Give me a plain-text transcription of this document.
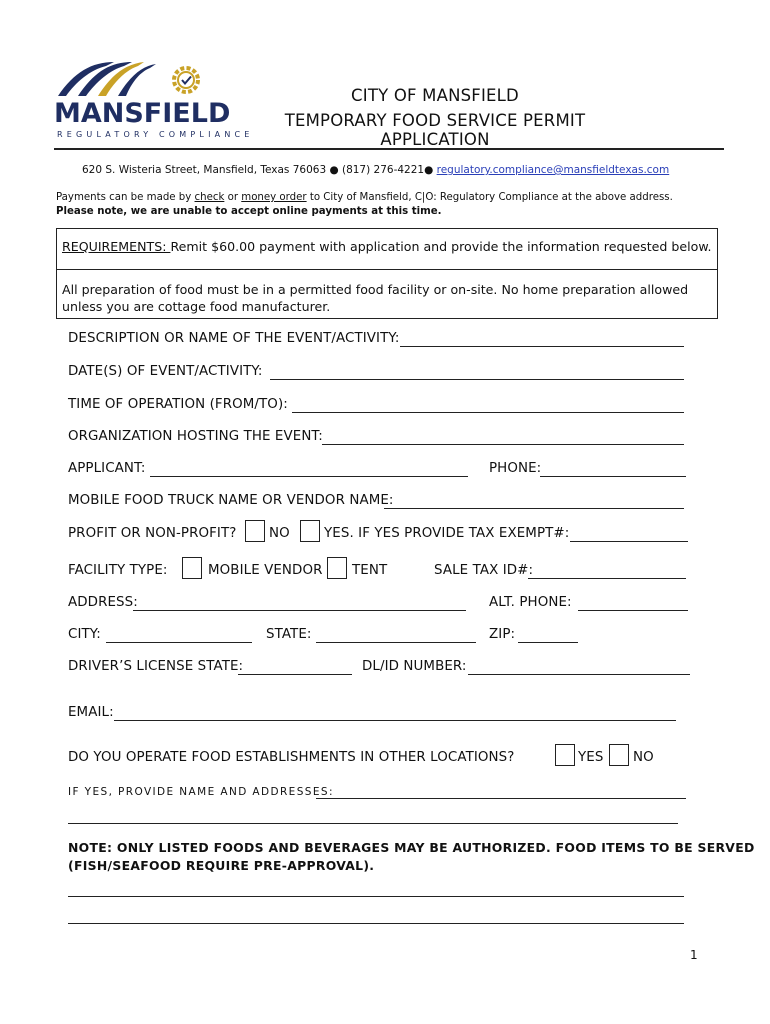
MANSFIELD
REGULATORY COMPLIANCE
CITY OF MANSFIELD
TEMPORARY FOOD SERVICE PERMIT APPLICATION
620 S. Wisteria Street, Mansfield, Texas 76063 ● (817) 276-4221● regulatory.compliance@mansfieldtexas.com
Payments can be made by check or money order to City of Mansfield, C|O: Regulatory Compliance at the above address.
Please note, we are unable to accept online payments at this time.
REQUIREMENTS: Remit $60.00 payment with application and provide the information requested below.
All preparation of food must be in a permitted food facility or on-site. No home preparation allowed unless you are cottage food manufacturer.
DESCRIPTION OR NAME OF THE EVENT/ACTIVITY:
DATE(S) OF EVENT/ACTIVITY:
TIME OF OPERATION (FROM/TO):
ORGANIZATION HOSTING THE EVENT:
APPLICANT:	PHONE:
MOBILE FOOD TRUCK NAME OR VENDOR NAME:
PROFIT OR NON-PROFIT? NO	YES. IF YES PROVIDE TAX EXEMPT#:
FACILITY TYPE:	MOBILE VENDOR TENT	SALE TAX ID#:
ADDRESS:	ALT. PHONE:
CITY:	STATE:	ZIP:
DRIVER’S LICENSE STATE:	DL/ID NUMBER:
EMAIL:
DO YOU OPERATE FOOD ESTABLISHMENTS IN OTHER LOCATIONS?	YES NO
IF YES, PROVIDE NAME AND ADDRESSES:
NOTE: ONLY LISTED FOODS AND BEVERAGES MAY BE AUTHORIZED. FOOD ITEMS TO BE SERVED
(FISH/SEAFOOD REQUIRE PRE-APPROVAL).
1
